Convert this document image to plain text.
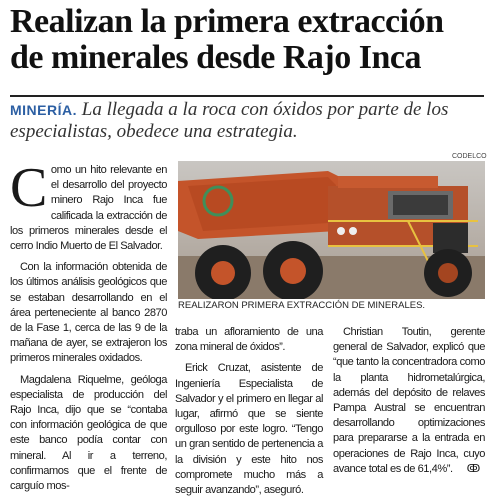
Realizan la primera extracción
de minerales desde Rajo Inca
MINERÍA. La llegada a la roca con óxidos por parte de los especialistas, obedece una estrategia.

Como un hito relevante en el desarrollo del proyecto minero Rajo Inca fue calificada la extracción de los primeros minerales desde el cerro Indio Muerto de El Salvador.

Con la información obtenida de los últimos análisis geológicos que se estaban desarrollando en el área perteneciente al banco 2870 de la Fase 1, cerca de las 9 de la mañana de ayer, se extrajeron los primeros minerales oxidados.

Magdalena Riquelme, geóloga especialista de producción del Rajo Inca, dijo que se “contaba con información geológica de que este banco podía contar con mineral. Al ir a terreno, confirmamos que el frente de carguío mos-

CODELCO
REALIZARON PRIMERA EXTRACCIÓN DE MINERALES.

traba un afloramiento de una zona mineral de óxidos”.

Erick Cruzat, asistente de Ingeniería Especialista de Salvador y el primero en llegar al lugar, afirmó que se siente orgulloso por este logro. “Tengo un gran sentido de pertenencia a la división y este hito nos compromete mucho más a seguir avanzando”, aseguró.

Christian Toutin, gerente general de Salvador, explicó que “que tanto la concentradora como la planta hidrometalúrgica, además del depósito de relaves Pampa Austral se encuentran desarrollando optimizaciones para prepararse a la entrada en operaciones de Rajo Inca, cuyo avance total es de 61,4%”. ↂ
